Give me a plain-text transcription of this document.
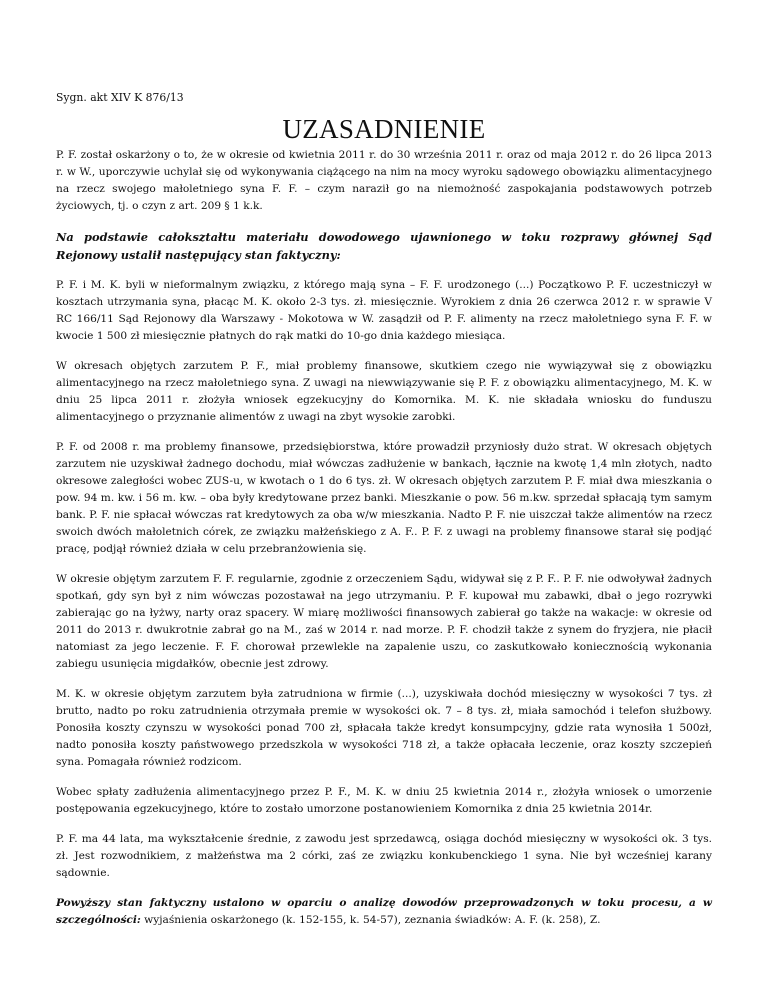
Sygn. akt XIV K 876/13
UZASADNIENIE

P. F. został oskarżony o to, że w okresie od kwietnia 2011 r. do 30 września 2011 r. oraz od maja 2012 r. do 26 lipca 2013 r. w W., uporczywie uchylał się od wykonywania ciążącego na nim na mocy wyroku sądowego obowiązku alimentacyjnego na rzecz swojego małoletniego syna F. F. – czym naraził go na niemożność zaspokajania podstawowych potrzeb życiowych, tj. o czyn z art. 209 § 1 k.k.

Na podstawie całokształtu materiału dowodowego ujawnionego w toku rozprawy głównej Sąd Rejonowy ustalił następujący stan faktyczny:

P. F. i M. K. byli w nieformalnym związku, z którego mają syna – F. F. urodzonego (...) Początkowo P. F. uczestniczył w kosztach utrzymania syna, płacąc M. K. około 2-3 tys. zł. miesięcznie. Wyrokiem z dnia 26 czerwca 2012 r. w sprawie V RC 166/11 Sąd Rejonowy dla Warszawy - Mokotowa w W. zasądził od P. F. alimenty na rzecz małoletniego syna F. F. w kwocie 1 500 zł miesięcznie płatnych do rąk matki do 10-go dnia każdego miesiąca.

W okresach objętych zarzutem P. F., miał problemy finansowe, skutkiem czego nie wywiązywał się z obowiązku alimentacyjnego na rzecz małoletniego syna. Z uwagi na niewwiązywanie się P. F. z obowiązku alimentacyjnego, M. K. w dniu 25 lipca 2011 r. złożyła wniosek egzekucyjny do Komornika. M. K. nie składała wniosku do funduszu alimentacyjnego o przyznanie alimentów z uwagi na zbyt wysokie zarobki.

P. F. od 2008 r. ma problemy finansowe, przedsiębiorstwa, które prowadził przyniosły dużo strat. W okresach objętych zarzutem nie uzyskiwał żadnego dochodu, miał wówczas zadłużenie w bankach, łącznie na kwotę 1,4 mln złotych, nadto okresowe zaległości wobec ZUS-u, w kwotach o 1 do 6 tys. zł. W okresach objętych zarzutem P. F. miał dwa mieszkania o pow. 94 m. kw. i 56 m. kw. – oba były kredytowane przez banki. Mieszkanie o pow. 56 m.kw. sprzedał spłacają tym samym bank. P. F. nie spłacał wówczas rat kredytowych za oba w/w mieszkania. Nadto P. F. nie uiszczał także alimentów na rzecz swoich dwóch małoletnich córek, ze związku małżeńskiego z A. F.. P. F. z uwagi na problemy finansowe starał się podjąć pracę, podjął również działa w celu przebranżowienia się.

W okresie objętym zarzutem F. F. regularnie, zgodnie z orzeczeniem Sądu, widywał się z P. F.. P. F. nie odwoływał żadnych spotkań, gdy syn był z nim wówczas pozostawał na jego utrzymaniu. P. F. kupował mu zabawki, dbał o jego rozrywki zabierając go na łyżwy, narty oraz spacery. W miarę możliwości finansowych zabierał go także na wakacje: w okresie od 2011 do 2013 r. dwukrotnie zabrał go na M., zaś w 2014 r. nad morze. P. F. chodził także z synem do fryzjera, nie płacił natomiast za jego leczenie. F. F. chorował przewlekle na zapalenie uszu, co zaskutkowało koniecznością wykonania zabiegu usunięcia migdałków, obecnie jest zdrowy.

M. K. w okresie objętym zarzutem była zatrudniona w firmie (...), uzyskiwała dochód miesięczny w wysokości 7 tys. zł brutto, nadto po roku zatrudnienia otrzymała premie w wysokości ok. 7 – 8 tys. zł, miała samochód i telefon służbowy. Ponosiła koszty czynszu w wysokości ponad 700 zł, spłacała także kredyt konsumpcyjny, gdzie rata wynosiła 1 500zł, nadto ponosiła koszty państwowego przedszkola w wysokości 718 zł, a także opłacała leczenie, oraz koszty szczepień syna. Pomagała również rodzicom.

Wobec spłaty zadłużenia alimentacyjnego przez P. F., M. K. w dniu 25 kwietnia 2014 r., złożyła wniosek o umorzenie postępowania egzekucyjnego, które to zostało umorzone postanowieniem Komornika z dnia 25 kwietnia 2014r.

P. F. ma 44 lata, ma wykształcenie średnie, z zawodu jest sprzedawcą, osiąga dochód miesięczny w wysokości ok. 3 tys. zł. Jest rozwodnikiem, z małżeństwa ma 2 córki, zaś ze związku konkubenckiego 1 syna. Nie był wcześniej karany sądownie.

Powyższy stan faktyczny ustalono w oparciu o analizę dowodów przeprowadzonych w toku procesu, a w szczególności: wyjaśnienia oskarżonego (k. 152-155, k. 54-57), zeznania świadków: A. F. (k. 258), Z.
